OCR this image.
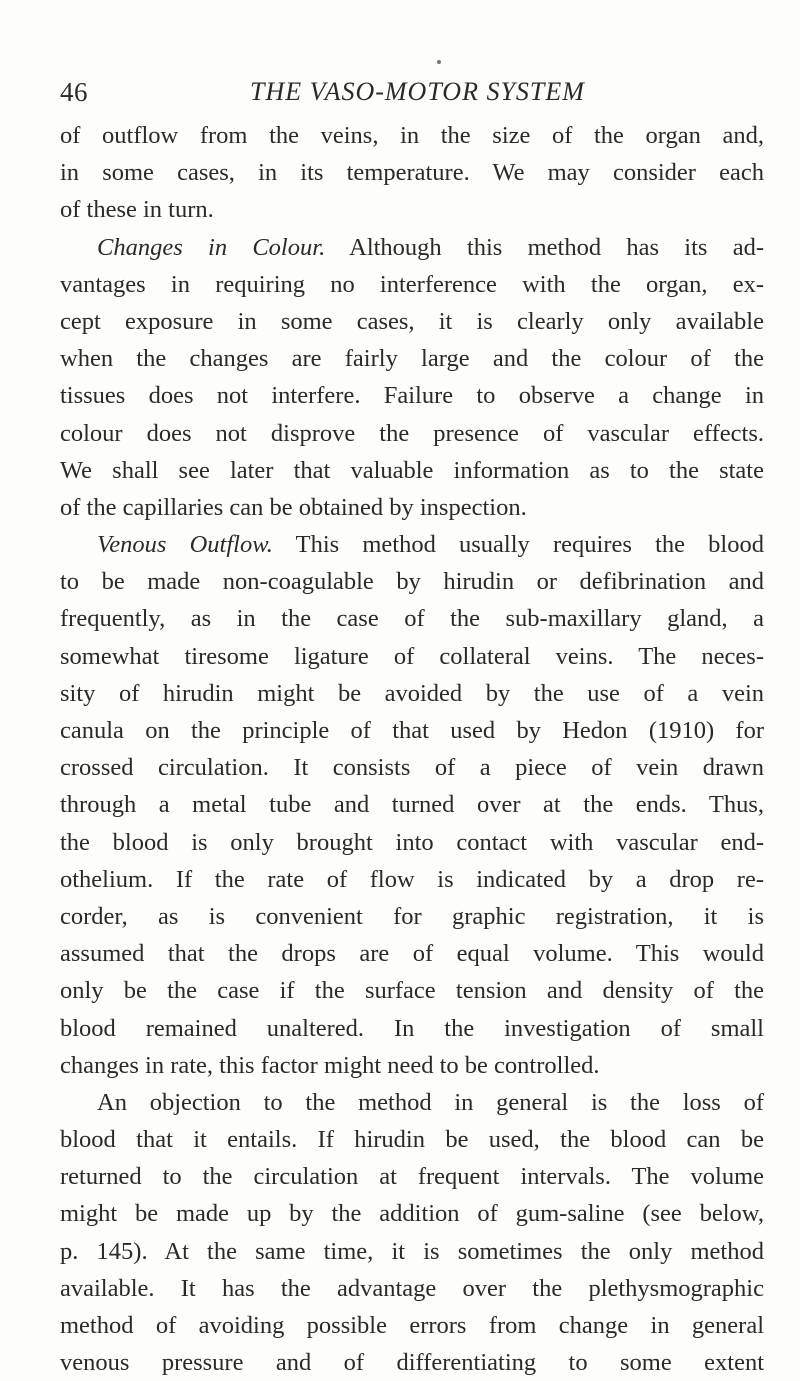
46	THE VASO-MOTOR SYSTEM
of outflow from the veins, in the size of the organ and,
in some cases, in its temperature. We may consider each
of these in turn.
Changes in Colour. Although this method has its ad-
vantages in requiring no interference with the organ, ex-
cept exposure in some cases, it is clearly only available
when the changes are fairly large and the colour of the
tissues does not interfere. Failure to observe a change in
colour does not disprove the presence of vascular effects.
We shall see later that valuable information as to the state
of the capillaries can be obtained by inspection.
Venous Outflow. This method usually requires the blood
to be made non-coagulable by hirudin or defibrination and
frequently, as in the case of the sub-maxillary gland, a
somewhat tiresome ligature of collateral veins. The neces-
sity of hirudin might be avoided by the use of a vein
canula on the principle of that used by Hedon (1910) for
crossed circulation. It consists of a piece of vein drawn
through a metal tube and turned over at the ends. Thus,
the blood is only brought into contact with vascular end-
othelium. If the rate of flow is indicated by a drop re-
corder, as is convenient for graphic registration, it is
assumed that the drops are of equal volume. This would
only be the case if the surface tension and density of the
blood remained unaltered. In the investigation of small
changes in rate, this factor might need to be controlled.
An objection to the method in general is the loss of
blood that it entails. If hirudin be used, the blood can be
returned to the circulation at frequent intervals. The volume
might be made up by the addition of gum-saline (see below,
p. 145). At the same time, it is sometimes the only method
available. It has the advantage over the plethysmographic
method of avoiding possible errors from change in general
venous pressure and of differentiating to some extent
